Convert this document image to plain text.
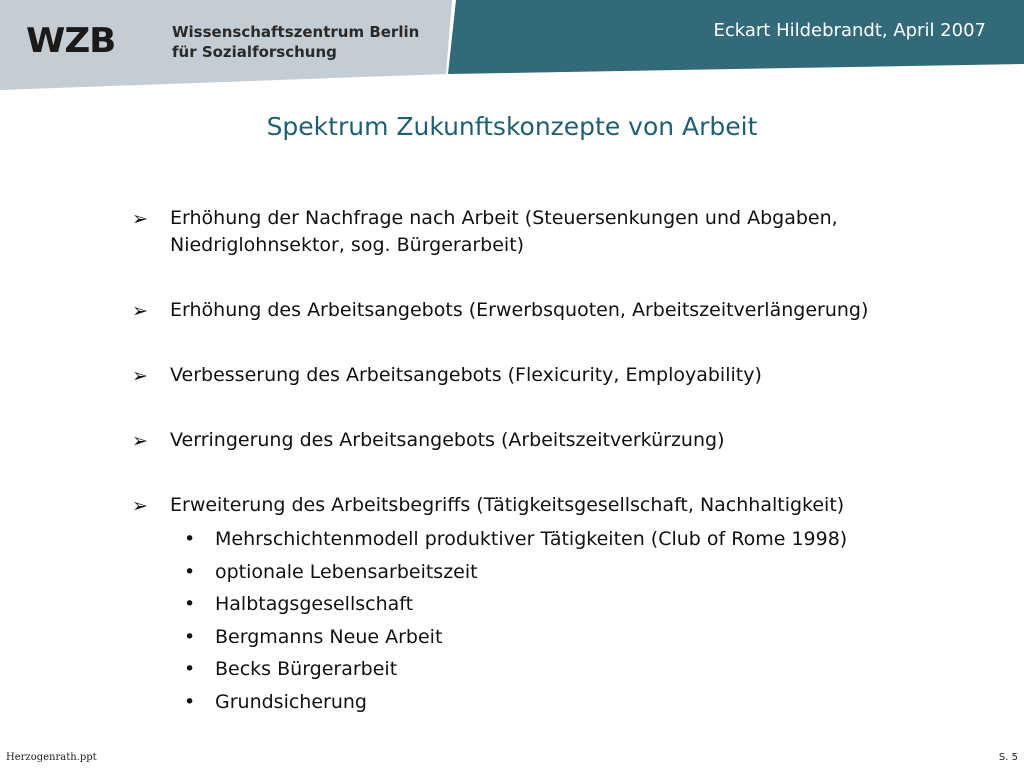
WZB	Wissenschaftszentrum Berlin
für Sozialforschung
Eckart Hildebrandt, April 2007
Spektrum Zukunftskonzepte von Arbeit
➢ Erhöhung der Nachfrage nach Arbeit (Steuersenkungen und Abgaben,
Niedriglohnsektor, sog. Bürgerarbeit)
➢ Erhöhung des Arbeitsangebots (Erwerbsquoten, Arbeitszeitverlängerung)
➢ Verbesserung des Arbeitsangebots (Flexicurity, Employability)
➢ Verringerung des Arbeitsangebots (Arbeitszeitverkürzung)
➢ Erweiterung des Arbeitsbegriffs (Tätigkeitsgesellschaft, Nachhaltigkeit)
• Mehrschichtenmodell produktiver Tätigkeiten (Club of Rome 1998)
• optionale Lebensarbeitszeit
• Halbtagsgesellschaft
• Bergmanns Neue Arbeit
• Becks Bürgerarbeit
• Grundsicherung
Herzogenrath.ppt	S. 5
